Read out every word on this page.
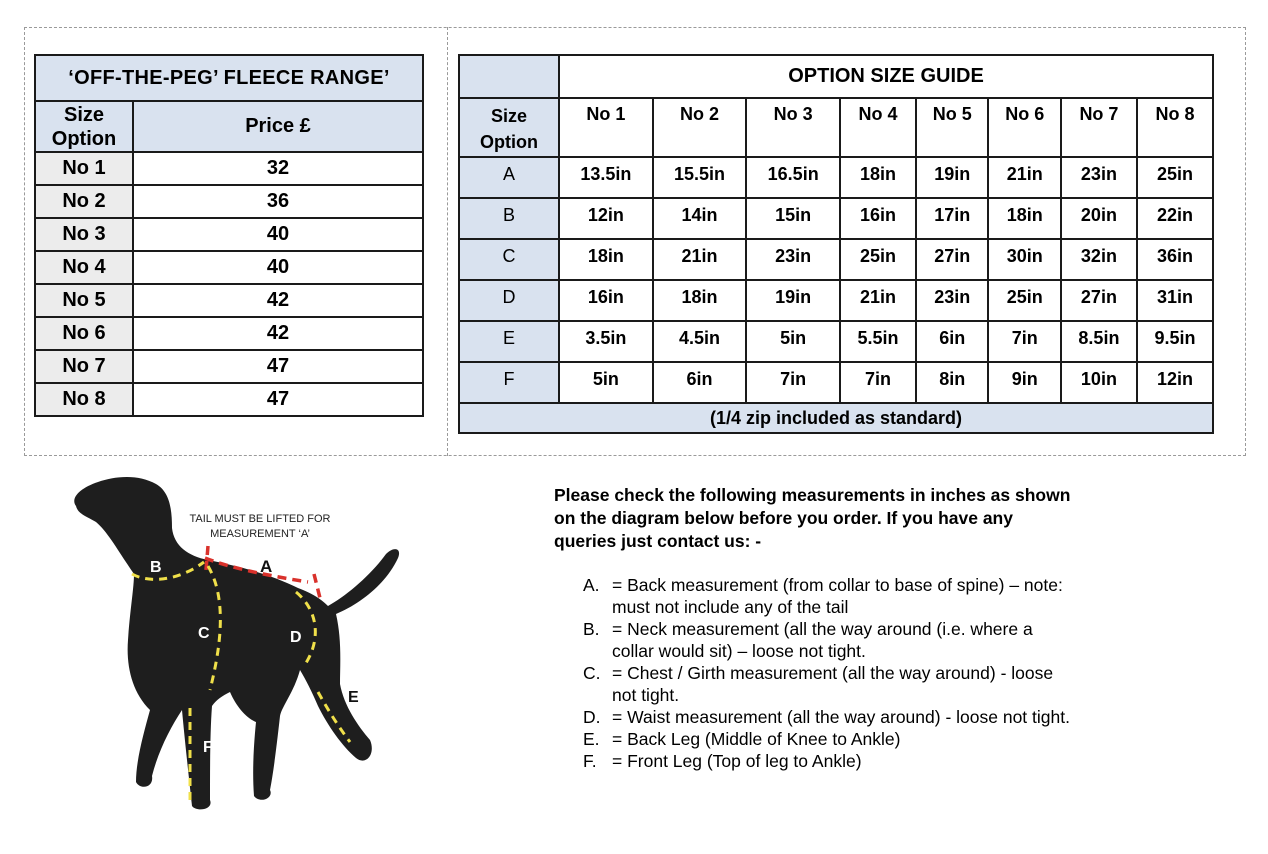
‘OFF-THE-PEG’ FLEECE RANGE’	
Size
Option	Price £
No 1	32
No 2	36
No 3	40
No 4	40
No 5	42
No 6	42
No 7	47
No 8	47
	OPTION SIZE GUIDE							
Size
Option	No 1	No 2	No 3	No 4	No 5	No 6	No 7	No 8
A	13.5in	15.5in	16.5in	18in	19in	21in	23in	25in
B	12in	14in	15in	16in	17in	18in	20in	22in
C	18in	21in	23in	25in	27in	30in	32in	36in
D	16in	18in	19in	21in	23in	25in	27in	31in
E	3.5in	4.5in	5in	5.5in	6in	7in	8.5in	9.5in
F	5in	6in	7in	7in	8in	9in	10in	12in
(1/4 zip included as standard)								
TAIL MUST BE LIFTED FOR
MEASUREMENT ‘A’
A
B
C	D
E
F

Please check the following measurements in inches as shown
on the diagram below before you order. If you have any
queries just contact us: -

A. = Back measurement (from collar to base of spine) – note:
must not include any of the tail
B. = Neck measurement (all the way around (i.e. where a
collar would sit) – loose not tight.
C. = Chest / Girth measurement (all the way around) - loose
not tight.
D. = Waist measurement (all the way around) - loose not tight.
E. = Back Leg (Middle of Knee to Ankle)
F. = Front Leg (Top of leg to Ankle)
